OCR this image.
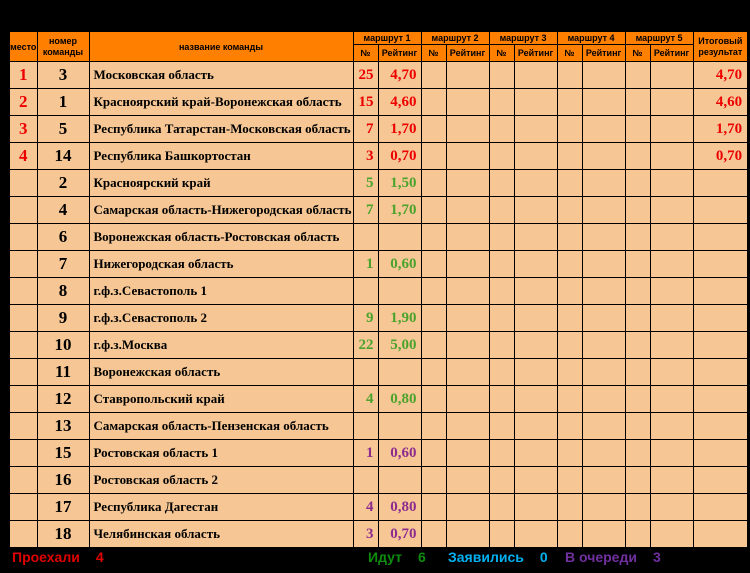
место	номер команды	название команды	маршрут 1		маршрут 2		маршрут 3		маршрут 4		маршрут 5		Итоговый результат
			№	Рейтинг	№	Рейтинг	№	Рейтинг	№	Рейтинг	№	Рейтинг	
1	3	Московская область	25	4,70									4,70
2	1	Красноярский край-Воронежская область	15	4,60									4,60
3	5	Республика Татарстан-Московская область	7	1,70									1,70
4	14	Республика Башкортостан	3	0,70									0,70
	2	Красноярский край	5	1,50									
	4	Самарская область-Нижегородская область	7	1,70									
	6	Воронежская область-Ростовская область											
	7	Нижегородская область	1	0,60									
	8	г.ф.з.Севастополь 1											
	9	г.ф.з.Севастополь 2	9	1,90									
	10	г.ф.з.Москва	22	5,00									
	11	Воронежская область											
	12	Ставропольский край	4	0,80									
	13	Самарская область-Пензенская область											
	15	Ростовская область 1	1	0,60									
	16	Ростовская область 2											
	17	Республика Дагестан	4	0,80									
	18	Челябинская область	3	0,70									
Проехали 4	Идут 6 Заявились 0 В очереди 3
